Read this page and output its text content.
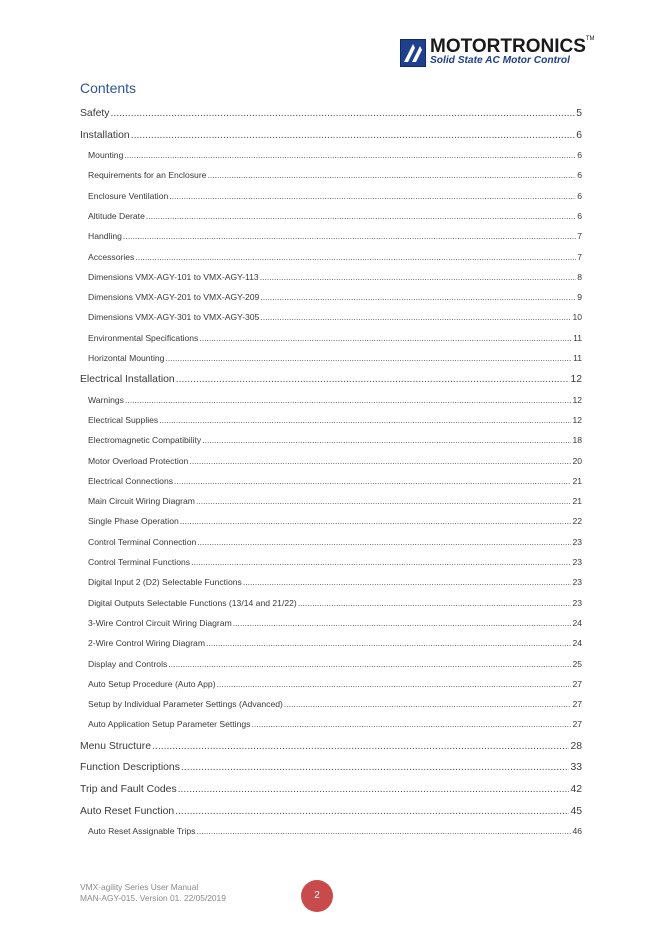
MOTORTRONICS™
Solid State AC Motor Control
Contents
Safety .....	5
Installation .....	6
Mounting .....	6
Requirements for an Enclosure .....	6
Enclosure Ventilation .....	6
Altitude Derate .....	6
Handling .....	7
Accessories .....	7
Dimensions VMX-AGY-101 to VMX-AGY-113 .....	8
Dimensions VMX-AGY-201 to VMX-AGY-209 .....	9
Dimensions VMX-AGY-301 to VMX-AGY-305 .....	10
Environmental Specifications .....	11
Horizontal Mounting .....	11
Electrical Installation .....	12
Warnings .....	12
Electrical Supplies .....	12
Electromagnetic Compatibility .....	18
Motor Overload Protection .....	20
Electrical Connections .....	21
Main Circuit Wiring Diagram .....	21
Single Phase Operation .....	22
Control Terminal Connection .....	23
Control Terminal Functions .....	23
Digital Input 2 (D2) Selectable Functions .....	23
Digital Outputs Selectable Functions (13/14 and 21/22) .....	23
3-Wire Control Circuit Wiring Diagram .....	24
2-Wire Control Wiring Diagram .....	24
Display and Controls .....	25
Auto Setup Procedure (Auto App) .....	27
Setup by Individual Parameter Settings (Advanced) .....	27
Auto Application Setup Parameter Settings .....	27
Menu Structure .....	28
Function Descriptions .....	33
Trip and Fault Codes .....	42
Auto Reset Function .....	45
Auto Reset Assignable Trips .....	46
VMX-agility Series User Manual
MAN-AGY-015. Version 01. 22/05/2019	2
